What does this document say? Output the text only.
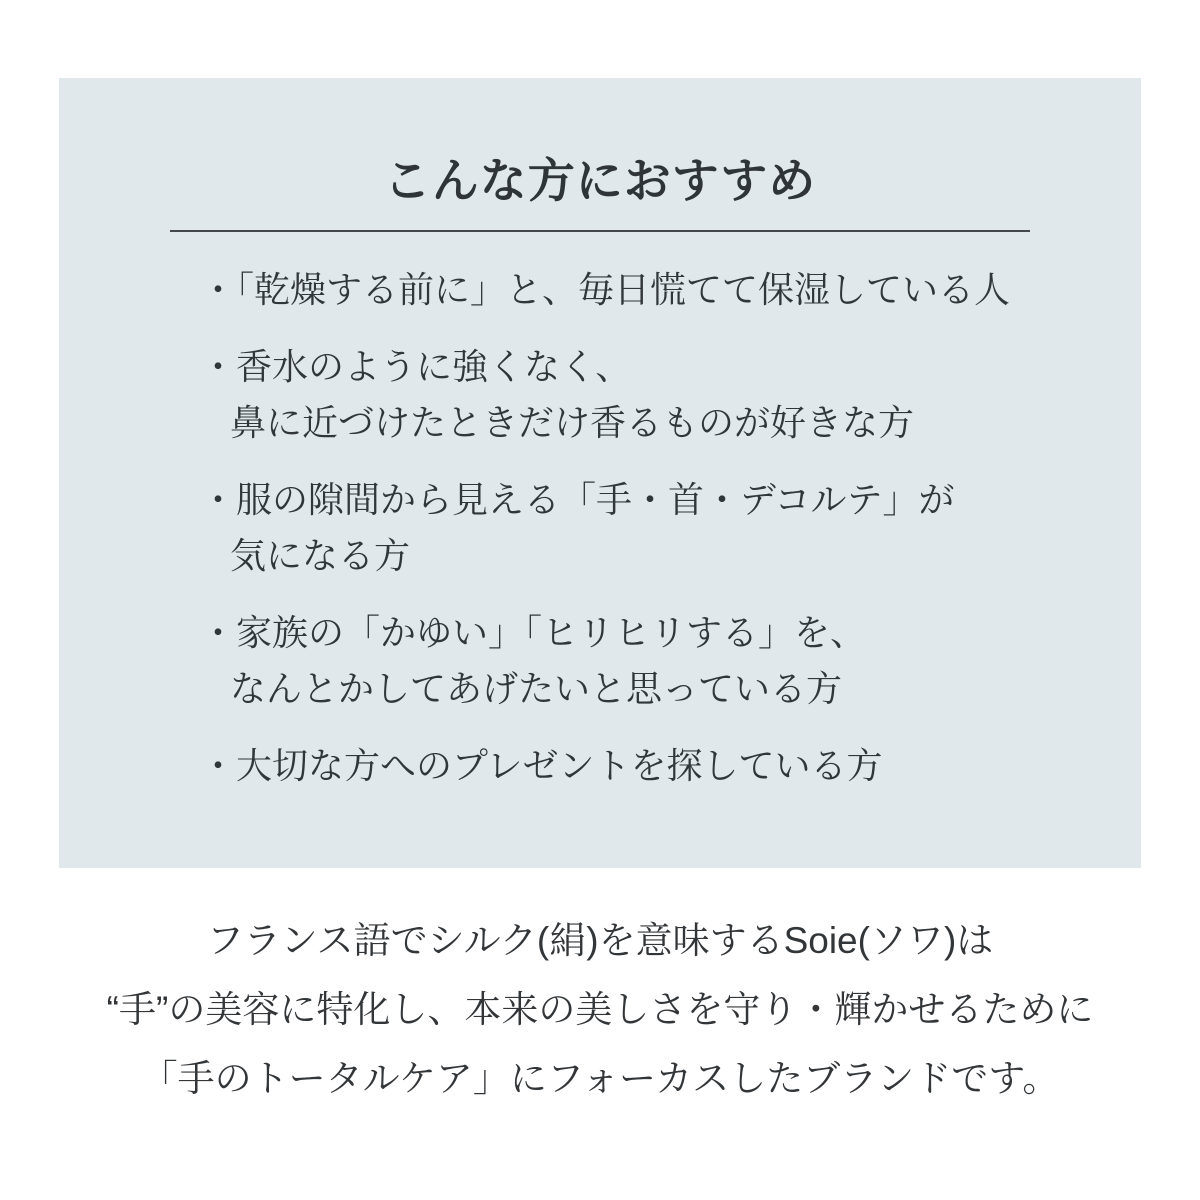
こんな方におすすめ
・「乾燥する前に」と、毎日慌てて保湿している人
・香水のように強くなく、
鼻に近づけたときだけ香るものが好きな方
・服の隙間から見える「手・首・デコルテ」が
気になる方
・家族の「かゆい」「ヒリヒリする」を、
なんとかしてあげたいと思っている方
・大切な方へのプレゼントを探している方

フランス語でシルク(絹)を意味するSoie(ソワ)は
“手”の美容に特化し、本来の美しさを守り・輝かせるために
「手のトータルケア」にフォーカスしたブランドです。
